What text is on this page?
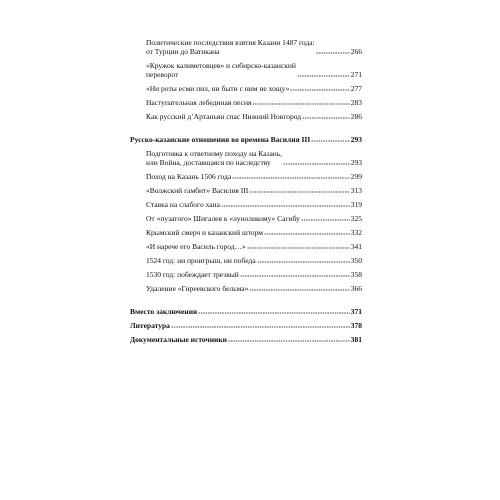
Политические последствия взятия Казани 1487 года:
от Турции до Ватикана	266
«Кружок калиметовцев» и сибирско-казанский
переворот	271
«Ни роты есми пил, ни быти с ним не хощу»	277
Наступательная лебединая песня	283
Как русский д’Артаньян спас Нижний Новгород	286
Русско-казанские отношения во времена Василия III	293
Подготовка к ответному походу на Казань,
или Война, доставшаяся по наследству	293
Поход на Казань 1506 года	299
«Волжский гамбит» Василия III	313
Ставка на слабого хана	319
От «пузатого» Шигалея к «луноликому» Сагибу	325
Крымский смерч и казанский шторм	332
«И нарече его Василь город…»	341
1524 год: ни проигрыш, ни победа	350
1530 год: побеждает трезвый	358
Удаление «Гиреевского бельма»	366
Вместо заключения	371
Литература	378
Документальные источники	381
